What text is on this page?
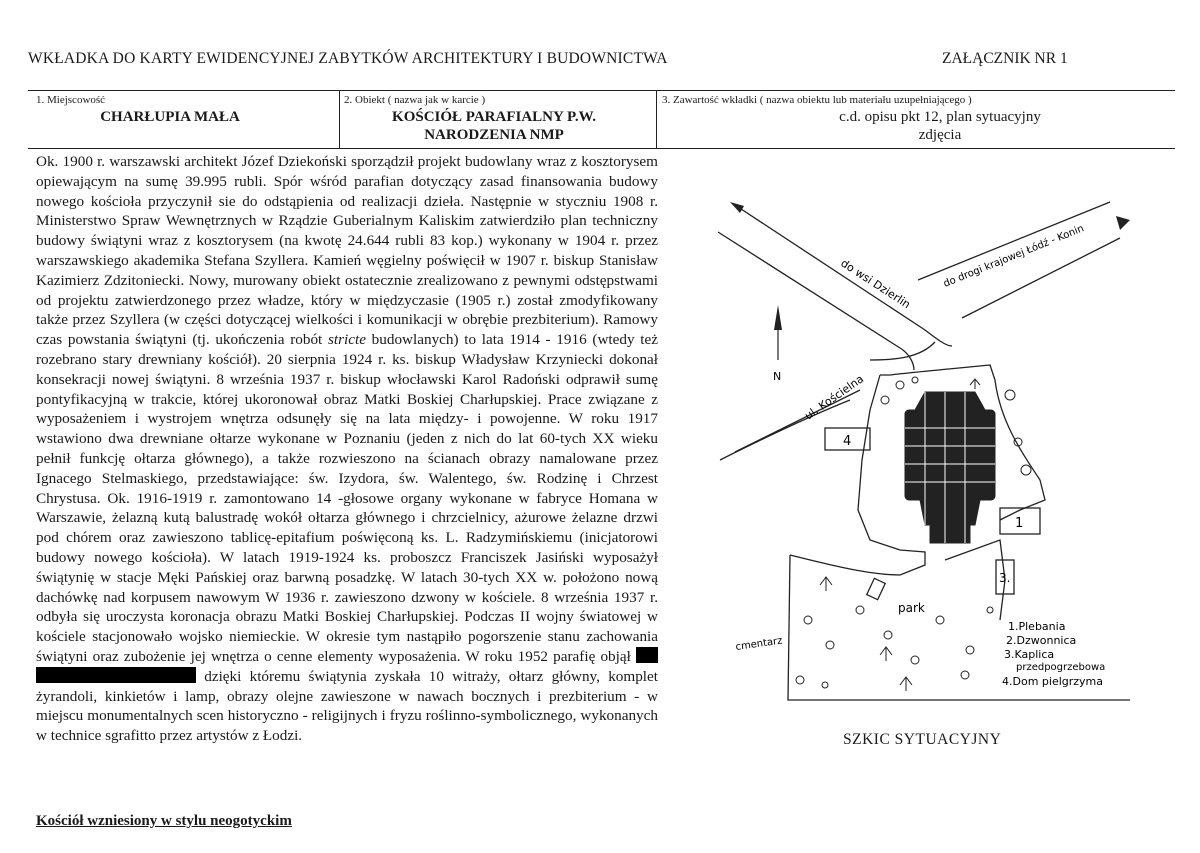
WKŁADKA DO KARTY EWIDENCYJNEJ ZABYTKÓW ARCHITEKTURY I BUDOWNICTWA	ZAŁĄCZNIK NR 1
1. Miejscowość
CHARŁUPIA MAŁA
2. Obiekt ( nazwa jak w karcie )
KOŚCIÓŁ PARAFIALNY P.W.
NARODZENIA NMP
3. Zawartość wkładki ( nazwa obiektu lub materiału uzupełniającego )
c.d. opisu pkt 12, plan sytuacyjny
zdjęcia

Ok. 1900 r. warszawski architekt Józef Dziekoński sporządził projekt budowlany wraz z kosztorysem opiewającym na sumę 39.995 rubli. Spór wśród parafian dotyczący zasad finansowania budowy nowego kościoła przyczynił sie do odstąpienia od realizacji dzieła. Następnie w styczniu 1908 r. Ministerstwo Spraw Wewnętrznych w Rządzie Guberialnym Kaliskim zatwierdziło plan techniczny budowy świątyni wraz z kosztorysem (na kwotę 24.644 rubli 83 kop.) wykonany w 1904 r. przez warszawskiego akademika Stefana Szyllera. Kamień węgielny poświęcił w 1907 r. biskup Stanisław Kazimierz Zdzitoniecki. Nowy, murowany obiekt ostatecznie zrealizowano z pewnymi odstępstwami od projektu zatwierdzonego przez władze, który w międzyczasie (1905 r.) został zmodyfikowany także przez Szyllera (w części dotyczącej wielkości i komunikacji w obrębie prezbiterium). Ramowy czas powstania świątyni (tj. ukończenia robót stricte budowlanych) to lata 1914 - 1916 (wtedy też rozebrano stary drewniany kościół). 20 sierpnia 1924 r. ks. biskup Władysław Krzyniecki dokonał konsekracji nowej świątyni. 8 września 1937 r. biskup włocławski Karol Radoński odprawił sumę pontyfikacyjną w trakcie, której ukoronował obraz Matki Boskiej Charłupskiej. Prace związane z wyposażeniem i wystrojem wnętrza odsunęły się na lata między- i powojenne. W roku 1917 wstawiono dwa drewniane ołtarze wykonane w Poznaniu (jeden z nich do lat 60-tych XX wieku pełnił funkcję ołtarza głównego), a także rozwieszono na ścianach obrazy namalowane przez Ignacego Stelmaskiego, przedstawiające: św. Izydora, św. Walentego, św. Rodzinę i Chrzest Chrystusa. Ok. 1916-1919 r. zamontowano 14 -głosowe organy wykonane w fabryce Homana w Warszawie, żelazną kutą balustradę wokół ołtarza głównego i chrzcielnicy, ażurowe żelazne drzwi pod chórem oraz zawieszono tablicę-epitafium poświęconą ks. L. Radzymińskiemu (inicjatorowi budowy nowego kościoła). W latach 1919-1924 ks. proboszcz Franciszek Jasiński wyposażył świątynię w stacje Męki Pańskiej oraz barwną posadzkę. W latach 30-tych XX w. położono nową dachówkę nad korpusem nawowym W 1936 r. zawieszono dzwony w kościele. 8 września 1937 r. odbyła się uroczysta koronacja obrazu Matki Boskiej Charłupskiej. Podczas II wojny światowej w kościele stacjonowało wojsko niemieckie. W okresie tym nastąpiło pogorszenie stanu zachowania świątyni oraz zubożenie jej wnętrza o cenne elementy wyposażenia. W roku 1952 parafię objął   dzięki któremu świątynia zyskała 10 witraży, ołtarz główny, komplet żyrandoli, kinkietów i lamp, obrazy olejne zawieszone w nawach bocznych i prezbiterium - w miejscu monumentalnych scen historyczno - religijnych i fryzu roślinno-symbolicznego, wykonanych w technice sgrafitto przez artystów z Łodzi.

Kościół wzniesiony w stylu neogotyckim
do wsi Dzierlin	do drogi krajowej Łódź - Konin
ul. Kościelna
N
park
cmentarz
4
1
3.
1.Plebania
2.Dzwonnica
3.Kaplica
przedpogrzebowa
4.Dom pielgrzyma
SZKIC SYTUACYJNY
